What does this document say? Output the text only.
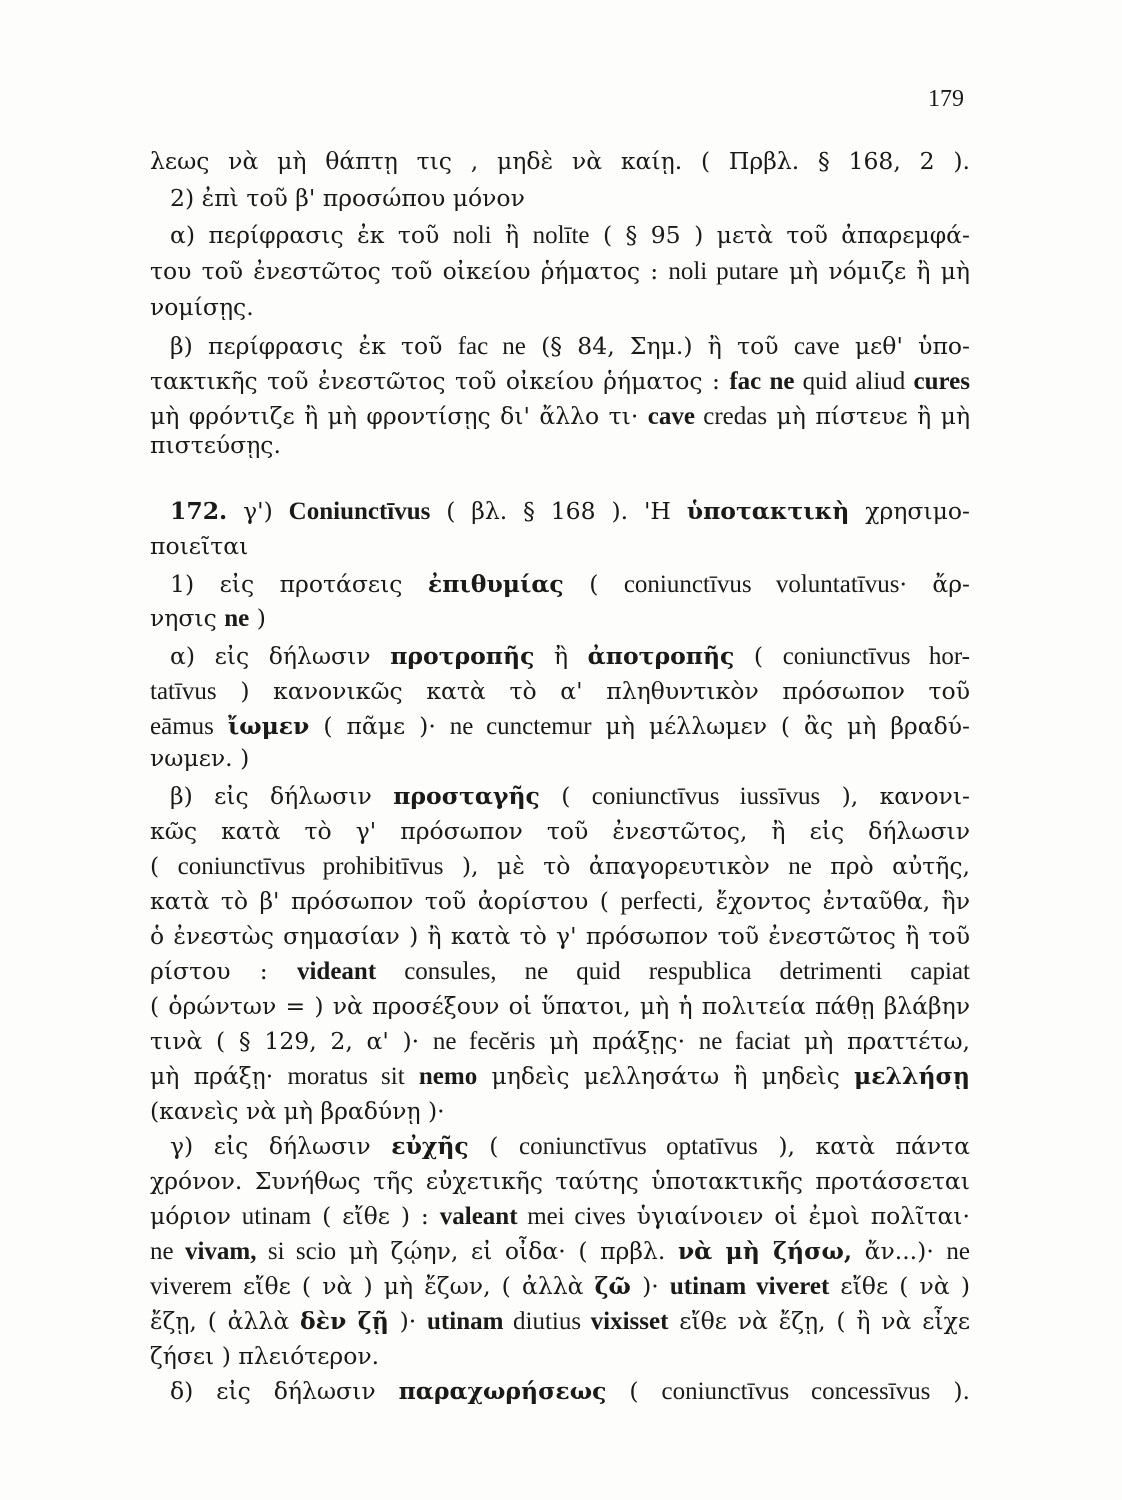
179
λεως νὰ μὴ θάπτῃ τις , μηδὲ νὰ καίῃ. ( Πρβλ. § 168, 2 ).
2) ἐπὶ τοῦ β' προσώπου μόνον
α) περίφρασις ἐκ τοῦ noli ἢ nolīte ( § 95 ) μετὰ τοῦ ἀπαρεμφά-
του τοῦ ἐνεστῶτος τοῦ οἰκείου ῥήματος : noli putare μὴ νόμιζε ἢ μὴ
νομίσῃς.
β) περίφρασις ἐκ τοῦ fac ne (§ 84, Σημ.) ἢ τοῦ cave μεθ' ὑπο-
τακτικῆς τοῦ ἐνεστῶτος τοῦ οἰκείου ῥήματος : fac ne quid aliud cures
μὴ φρόντιζε ἢ μὴ φροντίσῃς δι' ἄλλο τι· cave credas μὴ πίστευε ἢ μὴ
πιστεύσῃς.
172. γ') Coniunctīvus ( βλ. § 168 ). 'Η ὑποτακτικὴ χρησιμο-
ποιεῖται
1) εἰς προτάσεις ἐπιθυμίας ( coniunctīvus voluntatīvus· ἄρ-
νησις ne )
α) εἰς δήλωσιν προτροπῆς ἢ ἀποτροπῆς ( coniunctīvus hor-
tatīvus ) κανονικῶς κατὰ τὸ α' πληθυντικὸν πρόσωπον τοῦ
eāmus ἴωμεν ( πᾶμε )· ne cunctemur μὴ μέλλωμεν ( ἂς μὴ βραδύ-
νωμεν. )
β) εἰς δήλωσιν προσταγῆς ( coniunctīvus iussīvus ), κανονι-
κῶς κατὰ τὸ γ' πρόσωπον τοῦ ἐνεστῶτος, ἢ εἰς δήλωσιν
( coniunctīvus prohibitīvus ), μὲ τὸ ἀπαγορευτικὸν ne πρὸ αὐτῆς,
κατὰ τὸ β' πρόσωπον τοῦ ἀορίστου ( perfecti, ἔχοντος ἐνταῦθα, ἣν
ὁ ἐνεστὼς σημασίαν ) ἢ κατὰ τὸ γ' πρόσωπον τοῦ ἐνεστῶτος ἢ τοῦ
ρίστου : videant consules, ne quid respublica detrimenti capiat
( ὁρώντων = ) νὰ προσέξουν οἱ ὕπατοι, μὴ ἡ πολιτεία πάθῃ βλάβην
τινὰ ( § 129, 2, α' )· ne fecĕris μὴ πράξῃς· ne faciat μὴ πραττέτω,
μὴ πράξῃ· moratus sit nemo μηδεὶς μελλησάτω ἢ μηδεὶς μελλήσῃ
(κανεὶς νὰ μὴ βραδύνῃ )·
γ) εἰς δήλωσιν εὐχῆς ( coniunctīvus optatīvus ), κατὰ πάντα
χρόνον. Συνήθως τῆς εὐχετικῆς ταύτης ὑποτακτικῆς προτάσσεται
μόριον utinam ( εἴθε ) : valeant mei cives ὑγιαίνοιεν οἱ ἐμοὶ πολῖται·
ne vivam, si scio μὴ ζῴην, εἰ οἶδα· ( πρβλ. νὰ μὴ ζήσω, ἄν...)· ne
viverem εἴθε ( νὰ ) μὴ ἔζων, ( ἀλλὰ ζῶ )· utinam viveret εἴθε ( νὰ )
ἔζῃ, ( ἀλλὰ δὲν ζῇ )· utinam diutius vixisset εἴθε νὰ ἔζῃ, ( ἢ νὰ εἶχε
ζήσει ) πλειότερον.
δ) εἰς δήλωσιν παραχωρήσεως ( coniunctīvus concessīvus ).
